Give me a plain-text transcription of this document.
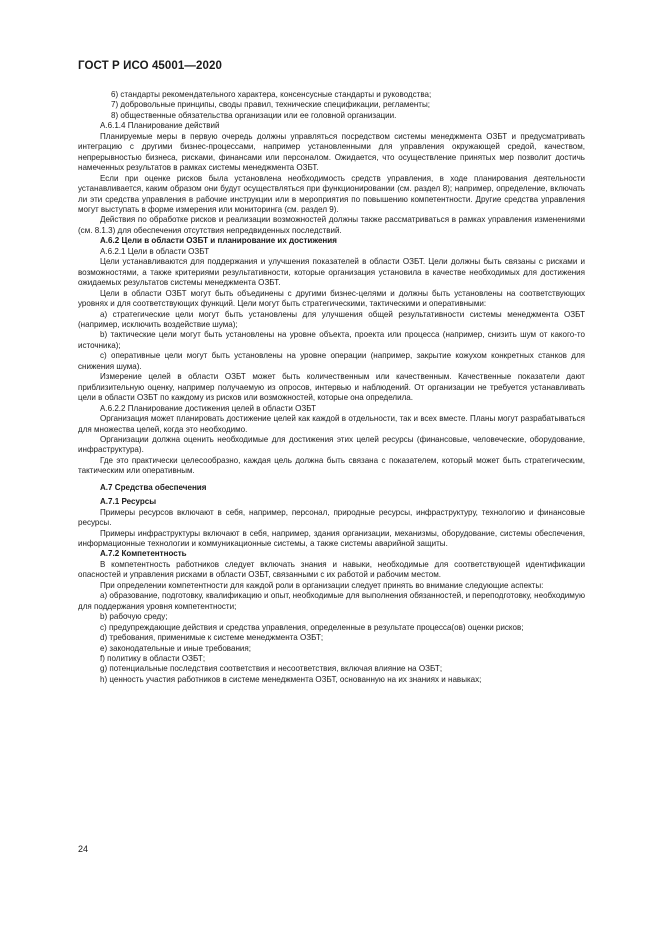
ГОСТ Р ИСО 45001—2020

6) стандарты рекомендательного характера, консенсусные стандарты и руководства;

7) добровольные принципы, своды правил, технические спецификации, регламенты;

8) общественные обязательства организации или ее головной организации.

А.6.1.4 Планирование действий

Планируемые меры в первую очередь должны управляться посредством системы менеджмента ОЗБТ и предусматривать интеграцию с другими бизнес-процессами, например установленными для управления окружающей средой, качеством, непрерывностью бизнеса, рисками, финансами или персоналом. Ожидается, что осуществление принятых мер позволит достичь намеченных результатов в рамках системы менеджмента ОЗБТ.

Если при оценке рисков была установлена необходимость средств управления, в ходе планирования деятельности устанавливается, каким образом они будут осуществляться при функционировании (см. раздел 8); например, определение, включать ли эти средства управления в рабочие инструкции или в мероприятия по повышению компетентности. Другие средства управления могут выступать в форме измерения или мониторинга (см. раздел 9).

Действия по обработке рисков и реализации возможностей должны также рассматриваться в рамках управления изменениями (см. 8.1.3) для обеспечения отсутствия непредвиденных последствий.

А.6.2 Цели в области ОЗБТ и планирование их достижения

А.6.2.1 Цели в области ОЗБТ

Цели устанавливаются для поддержания и улучшения показателей в области ОЗБТ. Цели должны быть связаны с рисками и возможностями, а также критериями результативности, которые организация установила в качестве необходимых для достижения ожидаемых результатов системы менеджмента ОЗБТ.

Цели в области ОЗБТ могут быть объединены с другими бизнес-целями и должны быть установлены на соответствующих уровнях и для соответствующих функций. Цели могут быть стратегическими, тактическими и оперативными:

а) стратегические цели могут быть установлены для улучшения общей результативности системы менеджмента ОЗБТ (например, исключить воздействие шума);

b) тактические цели могут быть установлены на уровне объекта, проекта или процесса (например, снизить шум от какого-то источника);

c) оперативные цели могут быть установлены на уровне операции (например, закрытие кожухом конкретных станков для снижения шума).

Измерение целей в области ОЗБТ может быть количественным или качественным. Качественные показатели дают приблизительную оценку, например получаемую из опросов, интервью и наблюдений. От организации не требуется устанавливать цели в области ОЗБТ по каждому из рисков или возможностей, которые она определила.

А.6.2.2 Планирование достижения целей в области ОЗБТ

Организация может планировать достижение целей как каждой в отдельности, так и всех вместе. Планы могут разрабатываться для множества целей, когда это необходимо.

Организации должна оценить необходимые для достижения этих целей ресурсы (финансовые, человеческие, оборудование, инфраструктура).

Где это практически целесообразно, каждая цель должна быть связана с показателем, который может быть стратегическим, тактическим или оперативным.

А.7 Средства обеспечения

А.7.1 Ресурсы

Примеры ресурсов включают в себя, например, персонал, природные ресурсы, инфраструктуру, технологию и финансовые ресурсы.

Примеры инфраструктуры включают в себя, например, здания организации, механизмы, оборудование, системы обеспечения, информационные технологии и коммуникационные системы, а также системы аварийной защиты.

А.7.2 Компетентность

В компетентность работников следует включать знания и навыки, необходимые для соответствующей идентификации опасностей и управления рисками в области ОЗБТ, связанными с их работой и рабочим местом.

При определении компетентности для каждой роли в организации следует принять во внимание следующие аспекты:

а) образование, подготовку, квалификацию и опыт, необходимые для выполнения обязанностей, и переподготовку, необходимую для поддержания уровня компетентности;

b) рабочую среду;

c) предупреждающие действия и средства управления, определенные в результате процесса(ов) оценки рисков;

d) требования, применимые к системе менеджмента ОЗБТ;

e) законодательные и иные требования;

f) политику в области ОЗБТ;

g) потенциальные последствия соответствия и несоответствия, включая влияние на ОЗБТ;

h) ценность участия работников в системе менеджмента ОЗБТ, основанную на их знаниях и навыках;

24
